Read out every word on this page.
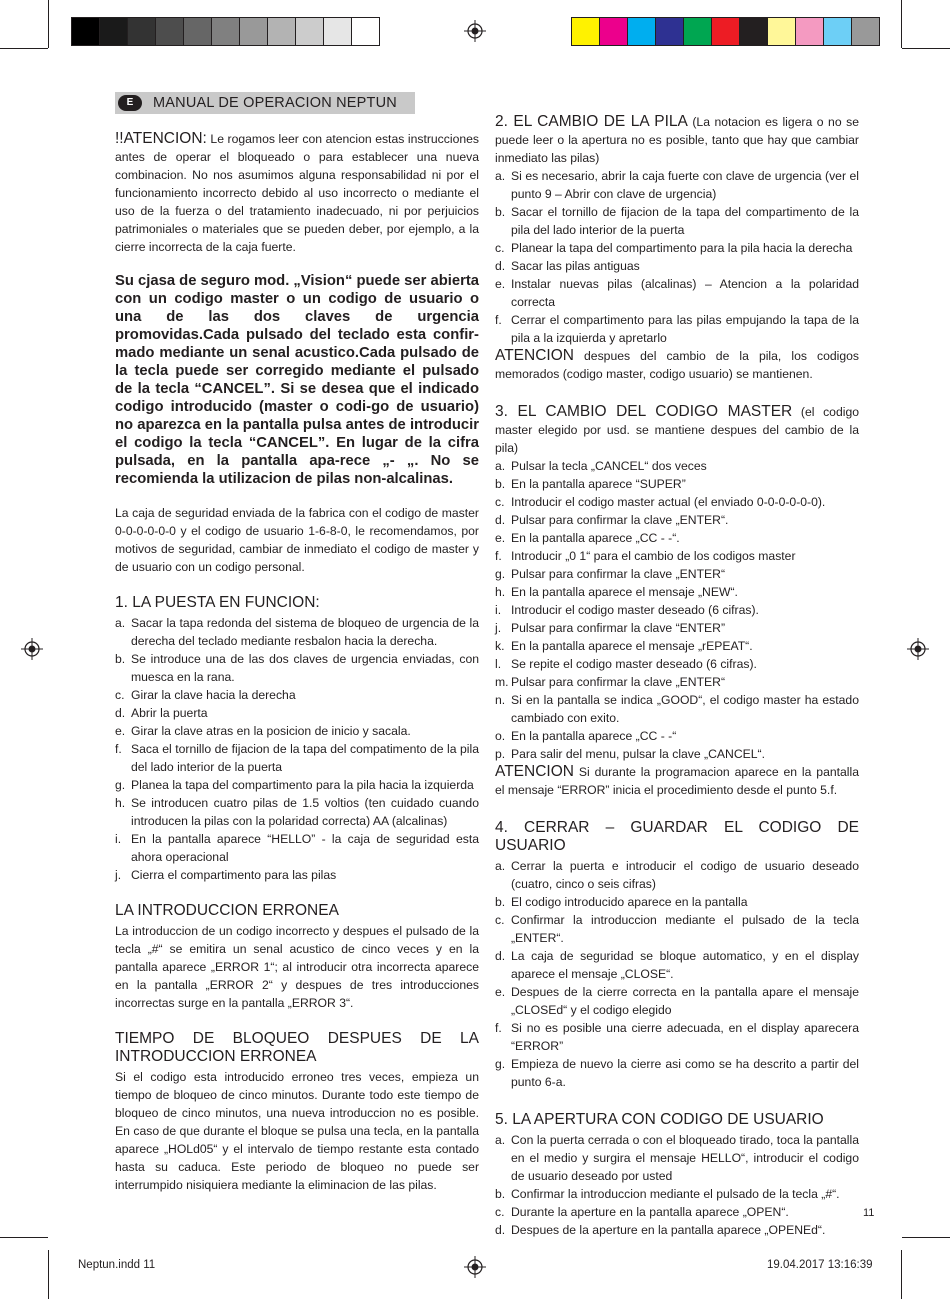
E	MANUAL DE OPERACION NEPTUN

!!ATENCION: Le rogamos leer con atencion estas instrucciones antes de operar el bloqueado o para establecer una nueva combinacion. No nos asumimos alguna responsabilidad ni por el funcionamiento incorrecto debido al uso incorrecto o mediante el uso de la fuerza o del tratamiento inadecuado, ni por perjuicios patrimoniales o materiales que se pueden deber, por ejemplo, a la cierre incorrecta de la caja fuerte.

Su cjasa de seguro mod. „Vision“ puede ser abierta con un codigo master o un codigo de usuario o una de las dos claves de urgencia promovidas.Cada pulsado del teclado esta confir-mado mediante un senal acustico.Cada pulsado de la tecla puede ser corregido mediante el pulsado de la tecla “CANCEL”. Si se desea que el indicado codigo introducido (master o codi-go de usuario) no aparezca en la pantalla pulsa antes de introducir el codigo la tecla “CANCEL”. En lugar de la cifra pulsada, en la pantalla apa-rece „- „. No se recomienda la utilizacion de pilas non-alcalinas.

La caja de seguridad enviada de la fabrica con el codigo de master 0-0-0-0-0-0 y el codigo de usuario 1-6-8-0, le recomendamos, por motivos de seguridad, cambiar de inmediato el codigo de master y de usuario con un codigo personal.

1. LA PUESTA EN FUNCION:
a. Sacar la tapa redonda del sistema de bloqueo de urgencia de la derecha del teclado mediante resbalon hacia la derecha.
b. Se introduce una de las dos claves de urgencia enviadas, con muesca en la rana.
c. Girar la clave hacia la derecha
d. Abrir la puerta
e. Girar la clave atras en la posicion de inicio y sacala.
f. Saca el tornillo de fijacion de la tapa del compatimento de la pila del lado interior de la puerta
g. Planea la tapa del compartimento para la pila hacia la izquierda
h. Se introducen cuatro pilas de 1.5 voltios (ten cuidado cuando introducen la pilas con la polaridad correcta) AA (alcalinas)
i. En la pantalla aparece “HELLO” - la caja de seguridad esta ahora operacional
j. Cierra el compartimento para las pilas
LA INTRODUCCION ERRONEA

La introduccion de un codigo incorrecto y despues el pulsado de la tecla „#“ se emitira un senal acustico de cinco veces y en la pantalla aparece „ERROR 1“; al introducir otra incorrecta aparece en la pantalla „ERROR 2“ y despues de tres introducciones incorrectas surge en la pantalla „ERROR 3“.

TIEMPO DE BLOQUEO DESPUES DE LA INTRODUCCION ERRONEA

Si el codigo esta introducido erroneo tres veces, empieza un tiempo de bloqueo de cinco minutos. Durante todo este tiempo de bloqueo de cinco minutos, una nueva introduccion no es posible. En caso de que durante el bloque se pulsa una tecla, en la pantalla aparece „HOLd05“ y el intervalo de tiempo restante esta contado hasta su caduca. Este periodo de bloqueo no puede ser interrumpido nisiquiera mediante la eliminacion de las pilas.

2. EL CAMBIO DE LA PILA (La notacion es ligera o no se puede leer o la apertura no es posible, tanto que hay que cambiar inmediato las pilas)

a. Si es necesario, abrir la caja fuerte con clave de urgencia (ver el punto 9 – Abrir con clave de urgencia)
b. Sacar el tornillo de fijacion de la tapa del compartimento de la pila del lado interior de la puerta
c. Planear la tapa del compartimento para la pila hacia la derecha
d. Sacar las pilas antiguas
e. Instalar nuevas pilas (alcalinas) – Atencion a la polaridad correcta
f. Cerrar el compartimento para las pilas empujando la tapa de la pila a la izquierda y apretarlo

ATENCION despues del cambio de la pila, los codigos memorados (codigo master, codigo usuario) se mantienen.

3. EL CAMBIO DEL CODIGO MASTER (el codigo master elegido por usd. se mantiene despues del cambio de la pila)

a. Pulsar la tecla „CANCEL“ dos veces
b. En la pantalla aparece “SUPER”
c. Introducir el codigo master actual (el enviado 0-0-0-0-0-0).
d. Pulsar para confirmar la clave „ENTER“.
e. En la pantalla aparece „CC - -“.
f. Introducir „0 1“ para el cambio de los codigos master
g. Pulsar para confirmar la clave „ENTER“
h. En la pantalla aparece el mensaje „NEW“.
i. Introducir el codigo master deseado (6 cifras).
j. Pulsar para confirmar la clave “ENTER”
k. En la pantalla aparece el mensaje „rEPEAT“.
l. Se repite el codigo master deseado (6 cifras).
m. Pulsar para confirmar la clave „ENTER“
n. Si en la pantalla se indica „GOOD“, el codigo master ha estado cambiado con exito.
o. En la pantalla aparece „CC - -“
p. Para salir del menu, pulsar la clave „CANCEL“.

ATENCION Si durante la programacion aparece en la pantalla el mensaje “ERROR” inicia el procedimiento desde el punto 5.f.

4. CERRAR – GUARDAR EL CODIGO DE USUARIO
a. Cerrar la puerta e introducir el codigo de usuario deseado (cuatro, cinco o seis cifras)
b. El codigo introducido aparece en la pantalla
c. Confirmar la introduccion mediante el pulsado de la tecla „ENTER“.
d. La caja de seguridad se bloque automatico, y en el display aparece el mensaje „CLOSE“.
e. Despues de la cierre correcta en la pantalla apare el mensaje „CLOSEd“ y el codigo elegido
f. Si no es posible una cierre adecuada, en el display aparecera “ERROR”
g. Empieza de nuevo la cierre asi como se ha descrito a partir del punto 6-a.
5. LA APERTURA CON CODIGO DE USUARIO
a. Con la puerta cerrada o con el bloqueado tirado, toca la pantalla en el medio y surgira el mensaje HELLO“, introducir el codigo de usuario deseado por usted
b. Confirmar la introduccion mediante el pulsado de la tecla „#“.
c. Durante la aperture en la pantalla aparece „OPEN“.
d. Despues de la aperture en la pantalla aparece „OPENEd“.
11
Neptun.indd 11	19.04.2017 13:16:39
